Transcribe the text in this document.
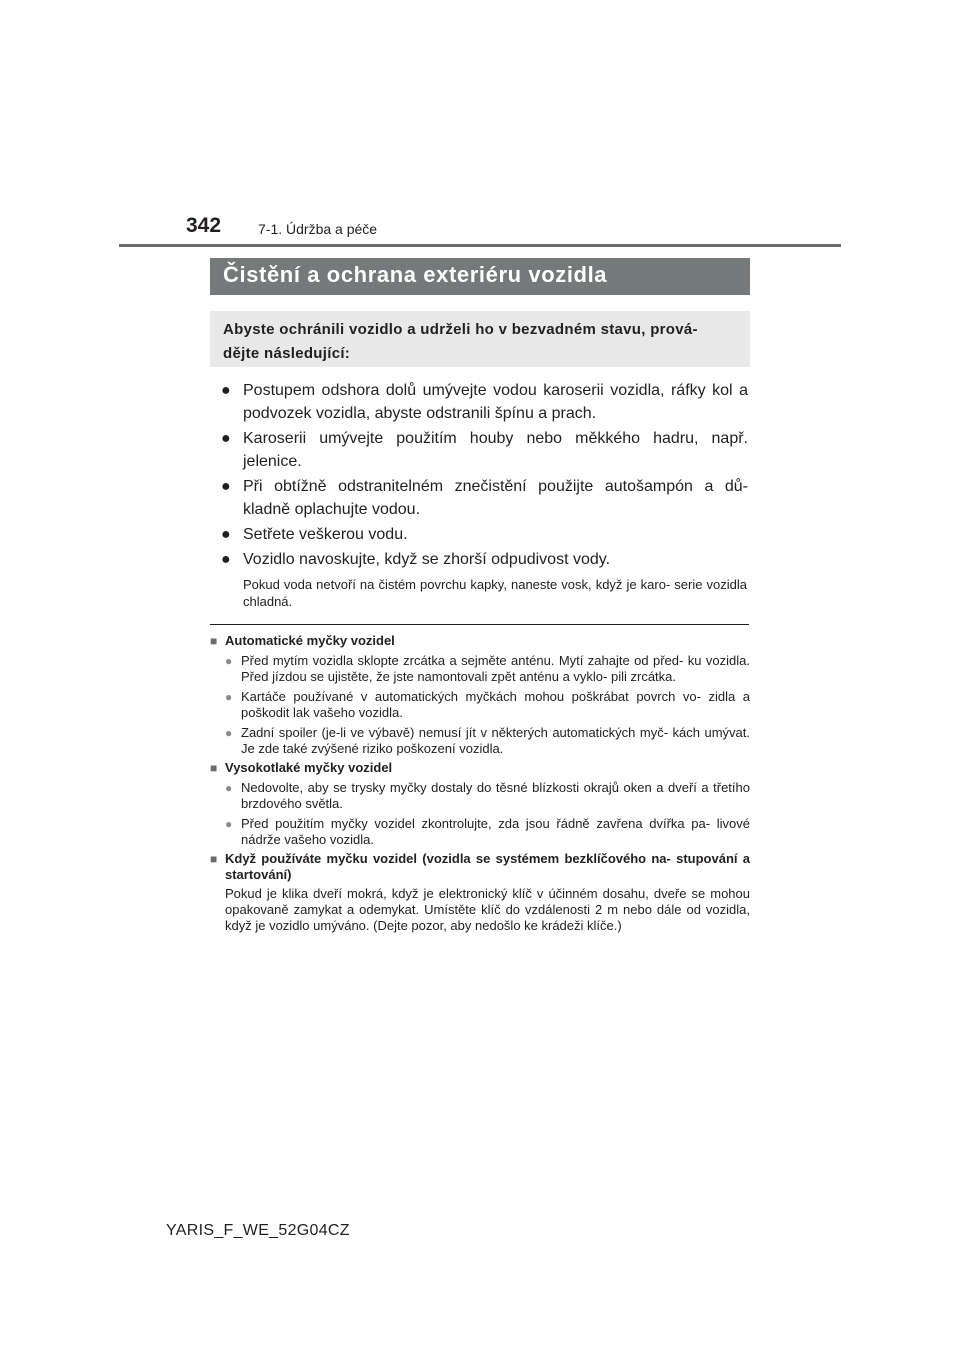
342	7-1. Údržba a péče
Čistění a ochrana exteriéru vozidla
Abyste ochránili vozidlo a udrželi ho v bezvadném stavu, prová- dějte následující:
● Postupem odshora dolů umývejte vodou karoserii vozidla, ráfky kol a podvozek vozidla, abyste odstranili špínu a prach.
● Karoserii umývejte použitím houby nebo měkkého hadru, např. jelenice.
● Při obtížně odstranitelném znečistění použijte autošampón a dů- kladně oplachujte vodou.
● Setřete veškerou vodu.
● Vozidlo navoskujte, když se zhorší odpudivost vody.
Pokud voda netvoří na čistém povrchu kapky, naneste vosk, když je karo- serie vozidla chladná.
■ Automatické myčky vozidel
● Před mytím vozidla sklopte zrcátka a sejměte anténu. Mytí zahajte od před- ku vozidla. Před jízdou se ujistěte, že jste namontovali zpět anténu a vyklo- pili zrcátka.
● Kartáče používané v automatických myčkách mohou poškrábat povrch vo- zidla a poškodit lak vašeho vozidla.
● Zadní spoiler (je-li ve výbavě) nemusí jít v některých automatických myč- kách umývat. Je zde také zvýšené riziko poškození vozidla.
■ Vysokotlaké myčky vozidel
● Nedovolte, aby se trysky myčky dostaly do těsné blízkosti okrajů oken a dveří a třetího brzdového světla.
● Před použitím myčky vozidel zkontrolujte, zda jsou řádně zavřena dvířka pa- livové nádrže vašeho vozidla.
■ Když používáte myčku vozidel (vozidla se systémem bezklíčového na- stupování a startování)
Pokud je klika dveří mokrá, když je elektronický klíč v účinném dosahu, dveře se mohou opakovaně zamykat a odemykat. Umístěte klíč do vzdálenosti 2 m nebo dále od vozidla, když je vozidlo umýváno. (Dejte pozor, aby nedošlo ke krádeži klíče.)
YARIS_F_WE_52G04CZ
